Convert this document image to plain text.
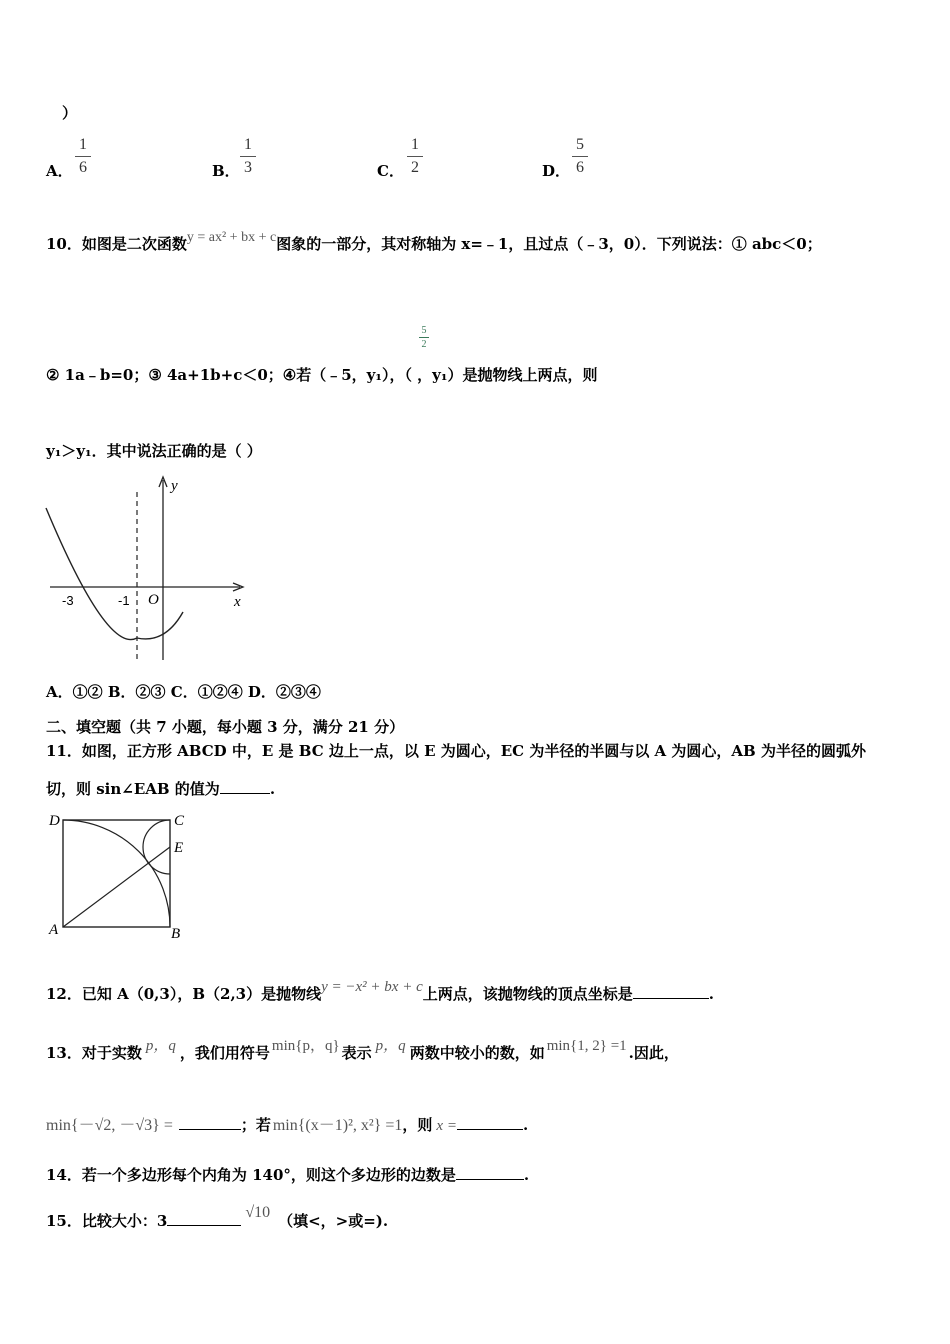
）
A．
1
6	B．
1
3	C．
1
2	D．
5
6
10．如图是二次函数y = ax² + bx + c图象的一部分，其对称轴为 x=﹣1，且过点（﹣3，0）．下列说法：① abc＜0；
5
2
② 1a﹣b=0；③ 4a+1b+c＜0；④若（﹣5，y₁），（ ，y₁）是抛物线上两点，则
y₁＞y₁．其中说法正确的是（ ）
y
x
O
-3	-1
A．①② B．②③ C．①②④ D．②③④
二、填空题（共 7 小题，每小题 3 分，满分 21 分）
11．如图，正方形 ABCD 中，E 是 BC 边上一点，以 E 为圆心，EC 为半径的半圆与以 A 为圆心，AB 为半径的圆弧外
切，则 sin∠EAB 的值为	.
D	C
E
A	B
12．已知 A（0,3），B（2,3）是抛物线y = −x² + bx + c上两点，该抛物线的顶点坐标是	.
13．对于实数 p，q ，我们用符号 min{p，q} 表示 p，q 两数中较小的数，如 min{1, 2} =1 .因此，
min{－√2, －√3} =	；若 min{(x－1)², x²} =1，则 x =	.
14．若一个多边形每个内角为 140°，则这个多边形的边数是	.
15．比较大小：3	√10 （填<，>或=).
